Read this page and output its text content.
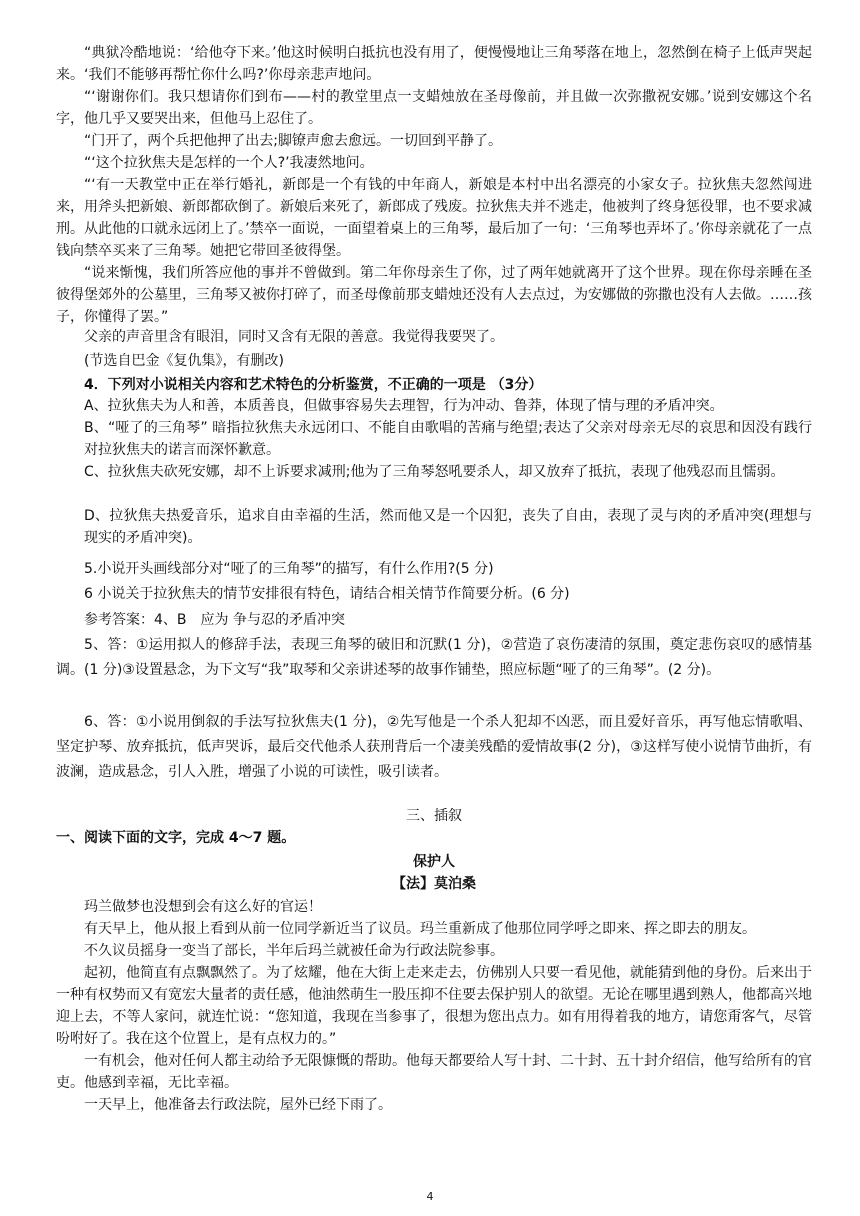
“典狱冷酷地说：‘给他夺下来。’他这时候明白抵抗也没有用了，便慢慢地让三角琴落在地上，忽然倒在椅子上低声哭起来。‘我们不能够再帮忙你什么吗?’你母亲悲声地问。

“‘谢谢你们。我只想请你们到布——村的教堂里点一支蜡烛放在圣母像前，并且做一次弥撒祝安娜。’说到安娜这个名字，他几乎又要哭出来，但他马上忍住了。

“门开了，两个兵把他押了出去;脚镣声愈去愈远。一切回到平静了。

“‘这个拉狄焦夫是怎样的一个人?’我凄然地问。

“‘有一天教堂中正在举行婚礼，新郎是一个有钱的中年商人，新娘是本村中出名漂亮的小家女子。拉狄焦夫忽然闯进来，用斧头把新娘、新郎都砍倒了。新娘后来死了，新郎成了残废。拉狄焦夫并不逃走，他被判了终身惩役罪，也不要求减刑。从此他的口就永远闭上了。’禁卒一面说，一面望着桌上的三角琴，最后加了一句：‘三角琴也弄坏了。’你母亲就花了一点钱向禁卒买来了三角琴。她把它带回圣彼得堡。

“说来惭愧，我们所答应他的事并不曾做到。第二年你母亲生了你，过了两年她就离开了这个世界。现在你母亲睡在圣彼得堡郊外的公墓里，三角琴又被你打碎了，而圣母像前那支蜡烛还没有人去点过，为安娜做的弥撒也没有人去做。……孩子，你懂得了罢。”

父亲的声音里含有眼泪，同时又含有无限的善意。我觉得我要哭了。

(节选自巴金《复仇集》，有删改)

4．下列对小说相关内容和艺术特色的分析鉴赏，不正确的一项是 （3分）

A、拉狄焦夫为人和善，本质善良，但做事容易失去理智，行为冲动、鲁莽，体现了情与理的矛盾冲突。

B、“哑了的三角琴” 暗指拉狄焦夫永远闭口、不能自由歌唱的苦痛与绝望;表达了父亲对母亲无尽的哀思和因没有践行对拉狄焦夫的诺言而深怀歉意。

C、拉狄焦夫砍死安娜，却不上诉要求减刑;他为了三角琴怒吼要杀人，却又放弃了抵抗，表现了他残忍而且懦弱。

D、拉狄焦夫热爱音乐，追求自由幸福的生活，然而他又是一个囚犯，丧失了自由，表现了灵与肉的矛盾冲突(理想与现实的矛盾冲突)。

5.小说开头画线部分对“哑了的三角琴”的描写，有什么作用?(5 分)

6 小说关于拉狄焦夫的情节安排很有特色，请结合相关情节作简要分析。(6 分)

参考答案：4、B　应为 争与忍的矛盾冲突

5、答：①运用拟人的修辞手法，表现三角琴的破旧和沉默(1 分)，②营造了哀伤凄清的氛围，奠定悲伤哀叹的感情基调。(1 分)③设置悬念，为下文写“我”取琴和父亲讲述琴的故事作铺垫，照应标题“哑了的三角琴”。(2 分)。

6、答：①小说用倒叙的手法写拉狄焦夫(1 分)，②先写他是一个杀人犯却不凶恶，而且爱好音乐，再写他忘情歌唱、坚定护琴、放弃抵抗，低声哭诉，最后交代他杀人获刑背后一个凄美残酷的爱情故事(2 分)，③这样写使小说情节曲折，有波澜，造成悬念，引人入胜，增强了小说的可读性，吸引读者。

三、插叙

一、阅读下面的文字，完成 4～7 题。

保护人

【法】莫泊桑

玛兰做梦也没想到会有这么好的官运！

有天早上，他从报上看到从前一位同学新近当了议员。玛兰重新成了他那位同学呼之即来、挥之即去的朋友。

不久议员摇身一变当了部长，半年后玛兰就被任命为行政法院参事。

起初，他简直有点飘飘然了。为了炫耀，他在大街上走来走去，仿佛别人只要一看见他，就能猜到他的身份。后来出于一种有权势而又有宽宏大量者的责任感，他油然萌生一股压抑不住要去保护别人的欲望。无论在哪里遇到熟人，他都高兴地迎上去，不等人家问，就连忙说：“您知道，我现在当参事了，很想为您出点力。如有用得着我的地方，请您甭客气，尽管吩咐好了。我在这个位置上，是有点权力的。”

一有机会，他对任何人都主动给予无限慷慨的帮助。他每天都要给人写十封、二十封、五十封介绍信，他写给所有的官吏。他感到幸福，无比幸福。

一天早上，他准备去行政法院，屋外已经下雨了。

4
